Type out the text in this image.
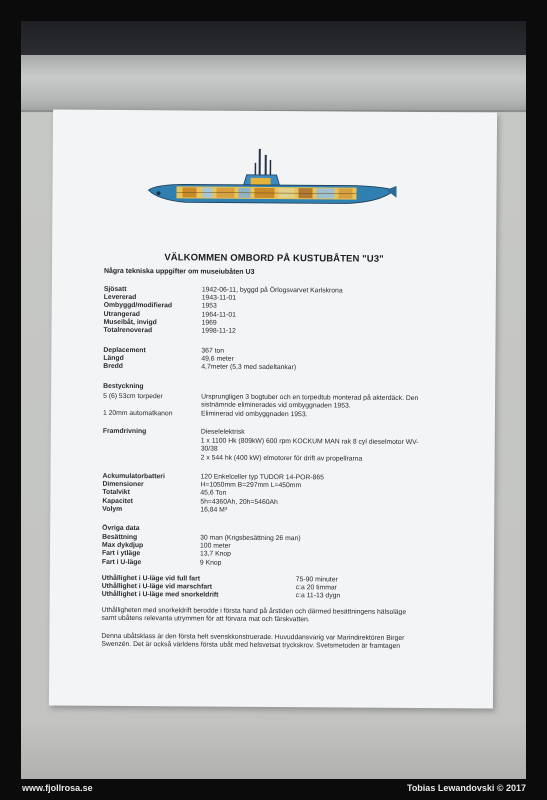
VÄLKOMMEN OMBORD PÅ KUSTUBÅTEN "U3"
Några tekniska uppgifter om museiubåten U3
Sjösatt	1942-06-11, byggd på Örlogsvarvet Karlskrona
Levererad	1943-11-01
Ombyggd/modifierad	1953
Utrangerad	1964-11-01
Museibåt, invigd	1969
Totalrenoverad	1998-11-12
Deplacement	367 ton
Längd	49,6 meter
Bredd	4,7meter (5,3 med sadeltankar)
Bestyckning
5 (6) 53cm torpeder	Ursprungligen 3 bogtuber och en torpedtub monterad på akterdäck. Den
sistnämnde eliminerades vid ombyggnaden 1953.
1 20mm automatkanon	Eliminerad vid ombyggnaden 1953.
Framdrivning	Dieselelektrisk
1 x 1100 Hk (809kW) 600 rpm KOCKUM MAN rak 8 cyl dieselmotor WV-
30/38
2 x 544 hk (400 kW) elmotorer för drift av propellrarna
Ackumulatorbatteri	120 Enkelceller typ TUDOR 14-POR-865
Dimensioner	H=1050mm B=297mm L=450mm
Totalvikt	45,6 Ton
Kapacitet	5h=4360Ah, 20h=5460Ah
Volym	16,84 M³
Övriga data
Besättning	30 man (Krigsbesättning 26 man)
Max dykdjup	100 meter
Fart i ytläge	13,7 Knop
Fart i U-läge	9 Knop
Uthållighet i U-läge vid full fart	75-90 minuter
Uthållighet i U-läge vid marschfart	c:a 20 timmar
Uthållighet i U-läge med snorkeldrift	c:a 11-13 dygn
Uthålligheten med snorkeldrift berodde i första hand på årstiden och därmed besättningens hälsoläge
samt ubåtens relevanta utrymmen för att förvara mat och färskvatten.
Denna ubåtsklass är den första helt svenskkonstruerade. Huvuddansvarig var Marindirektören Birger
Swenzén. Det är också världens första ubåt med helsvetsat tryckskrov. Svetsmetoden är framtagen
www.fjollrosa.se	Tobias Lewandovski © 2017
